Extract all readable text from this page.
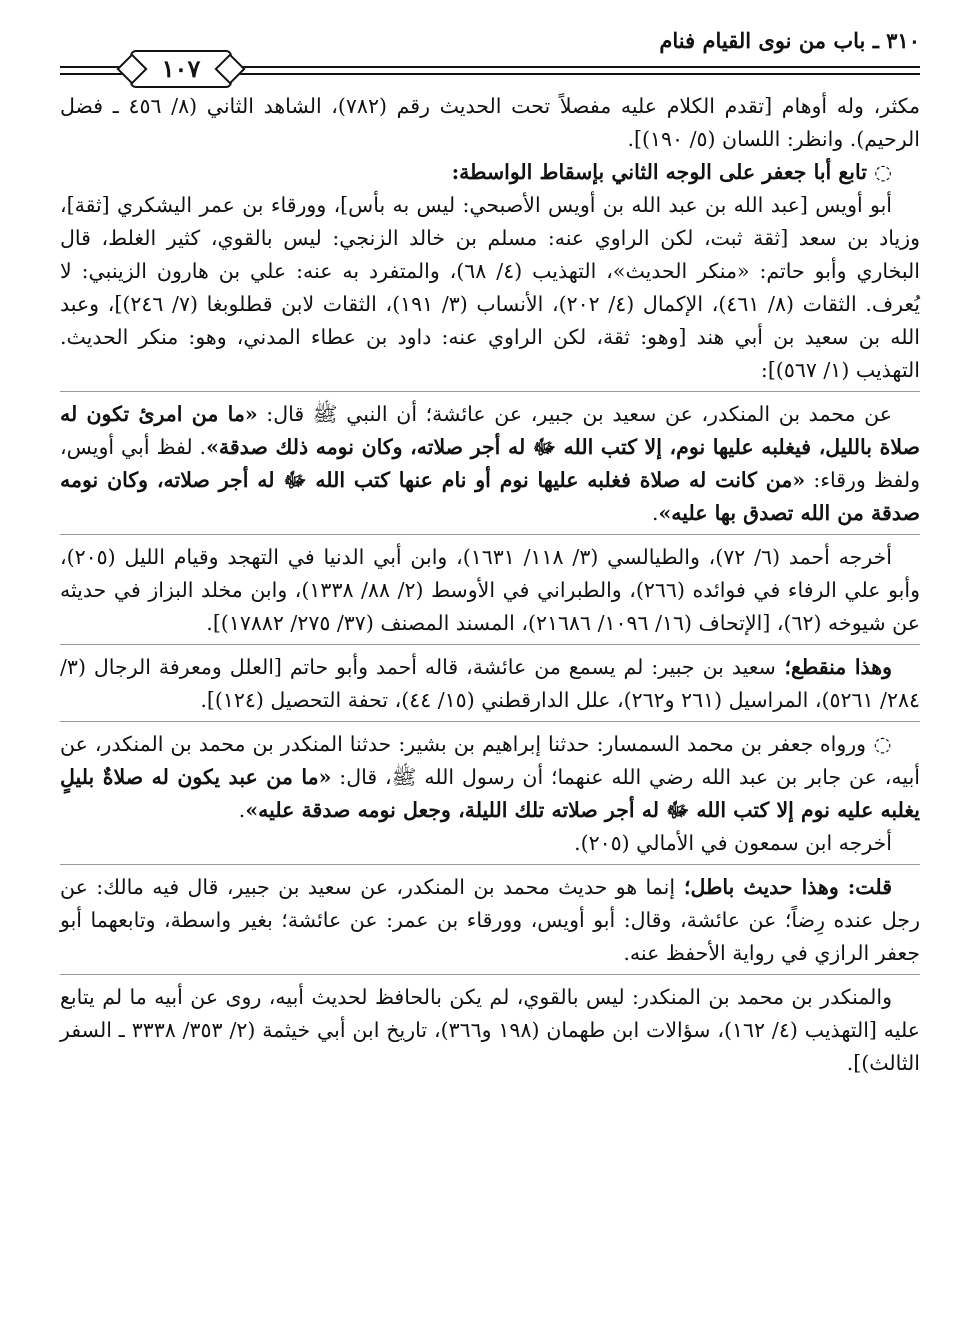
٣١٠ ـ باب من نوى القيام فنام
١٠٧

مكثر، وله أوهام [تقدم الكلام عليه مفصلاً تحت الحديث رقم (٧٨٢)، الشاهد الثاني (٨/ ٤٥٦ ـ فضل الرحيم). وانظر: اللسان (٥/ ١٩٠)].

◌ تابع أبا جعفر على الوجه الثاني بإسقاط الواسطة:

أبو أويس [عبد الله بن عبد الله بن أويس الأصبحي: ليس به بأس]، وورقاء بن عمر اليشكري [ثقة]، وزياد بن سعد [ثقة ثبت، لكن الراوي عنه: مسلم بن خالد الزنجي: ليس بالقوي، كثير الغلط، قال البخاري وأبو حاتم: «منكر الحديث»، التهذيب (٤/ ٦٨)، والمتفرد به عنه: علي بن هارون الزينبي: لا يُعرف. الثقات (٨/ ٤٦١)، الإكمال (٤/ ٢٠٢)، الأنساب (٣/ ١٩١)، الثقات لابن قطلوبغا (٧/ ٢٤٦)]، وعبد الله بن سعيد بن أبي هند [وهو: ثقة، لكن الراوي عنه: داود بن عطاء المدني، وهو: منكر الحديث. التهذيب (١/ ٥٦٧)]:

عن محمد بن المنكدر، عن سعيد بن جبير، عن عائشة؛ أن النبي ﷺ قال: «ما من امرئ تكون له صلاة بالليل، فيغلبه عليها نوم، إلا كتب الله ﷻ له أجر صلاته، وكان نومه ذلك صدقة». لفظ أبي أويس، ولفظ ورقاء: «من كانت له صلاة فغلبه عليها نوم أو نام عنها كتب الله ﷻ له أجر صلاته، وكان نومه صدقة من الله تصدق بها عليه».

أخرجه أحمد (٦/ ٧٢)، والطيالسي (٣/ ١١٨/ ١٦٣١)، وابن أبي الدنيا في التهجد وقيام الليل (٢٠٥)، وأبو علي الرفاء في فوائده (٢٦٦)، والطبراني في الأوسط (٢/ ٨٨/ ١٣٣٨)، وابن مخلد البزاز في حديثه عن شيوخه (٦٢)، [الإتحاف (١٦/ ١٠٩٦/ ٢١٦٨٦)، المسند المصنف (٣٧/ ٢٧٥/ ١٧٨٨٢)].

وهذا منقطع؛ سعيد بن جبير: لم يسمع من عائشة، قاله أحمد وأبو حاتم [العلل ومعرفة الرجال (٣/ ٢٨٤/ ٥٢٦١)، المراسيل (٢٦١ و٢٦٢)، علل الدارقطني (١٥/ ٤٤)، تحفة التحصيل (١٢٤)].

◌ ورواه جعفر بن محمد السمسار: حدثنا إبراهيم بن بشير: حدثنا المنكدر بن محمد بن المنكدر، عن أبيه، عن جابر بن عبد الله رضي الله عنهما؛ أن رسول الله ﷺ، قال: «ما من عبد يكون له صلاةٌ بليلٍ يغلبه عليه نوم إلا كتب الله ﷻ له أجر صلاته تلك الليلة، وجعل نومه صدقة عليه».

أخرجه ابن سمعون في الأمالي (٢٠٥).

قلت: وهذا حديث باطل؛ إنما هو حديث محمد بن المنكدر، عن سعيد بن جبير، قال فيه مالك: عن رجل عنده رِضاً؛ عن عائشة، وقال: أبو أويس، وورقاء بن عمر: عن عائشة؛ بغير واسطة، وتابعهما أبو جعفر الرازي في رواية الأحفظ عنه.

والمنكدر بن محمد بن المنكدر: ليس بالقوي، لم يكن بالحافظ لحديث أبيه، روى عن أبيه ما لم يتابع عليه [التهذيب (٤/ ١٦٢)، سؤالات ابن طهمان (١٩٨ و٣٦٦)، تاريخ ابن أبي خيثمة (٢/ ٣٥٣/ ٣٣٣٨ ـ السفر الثالث)].
